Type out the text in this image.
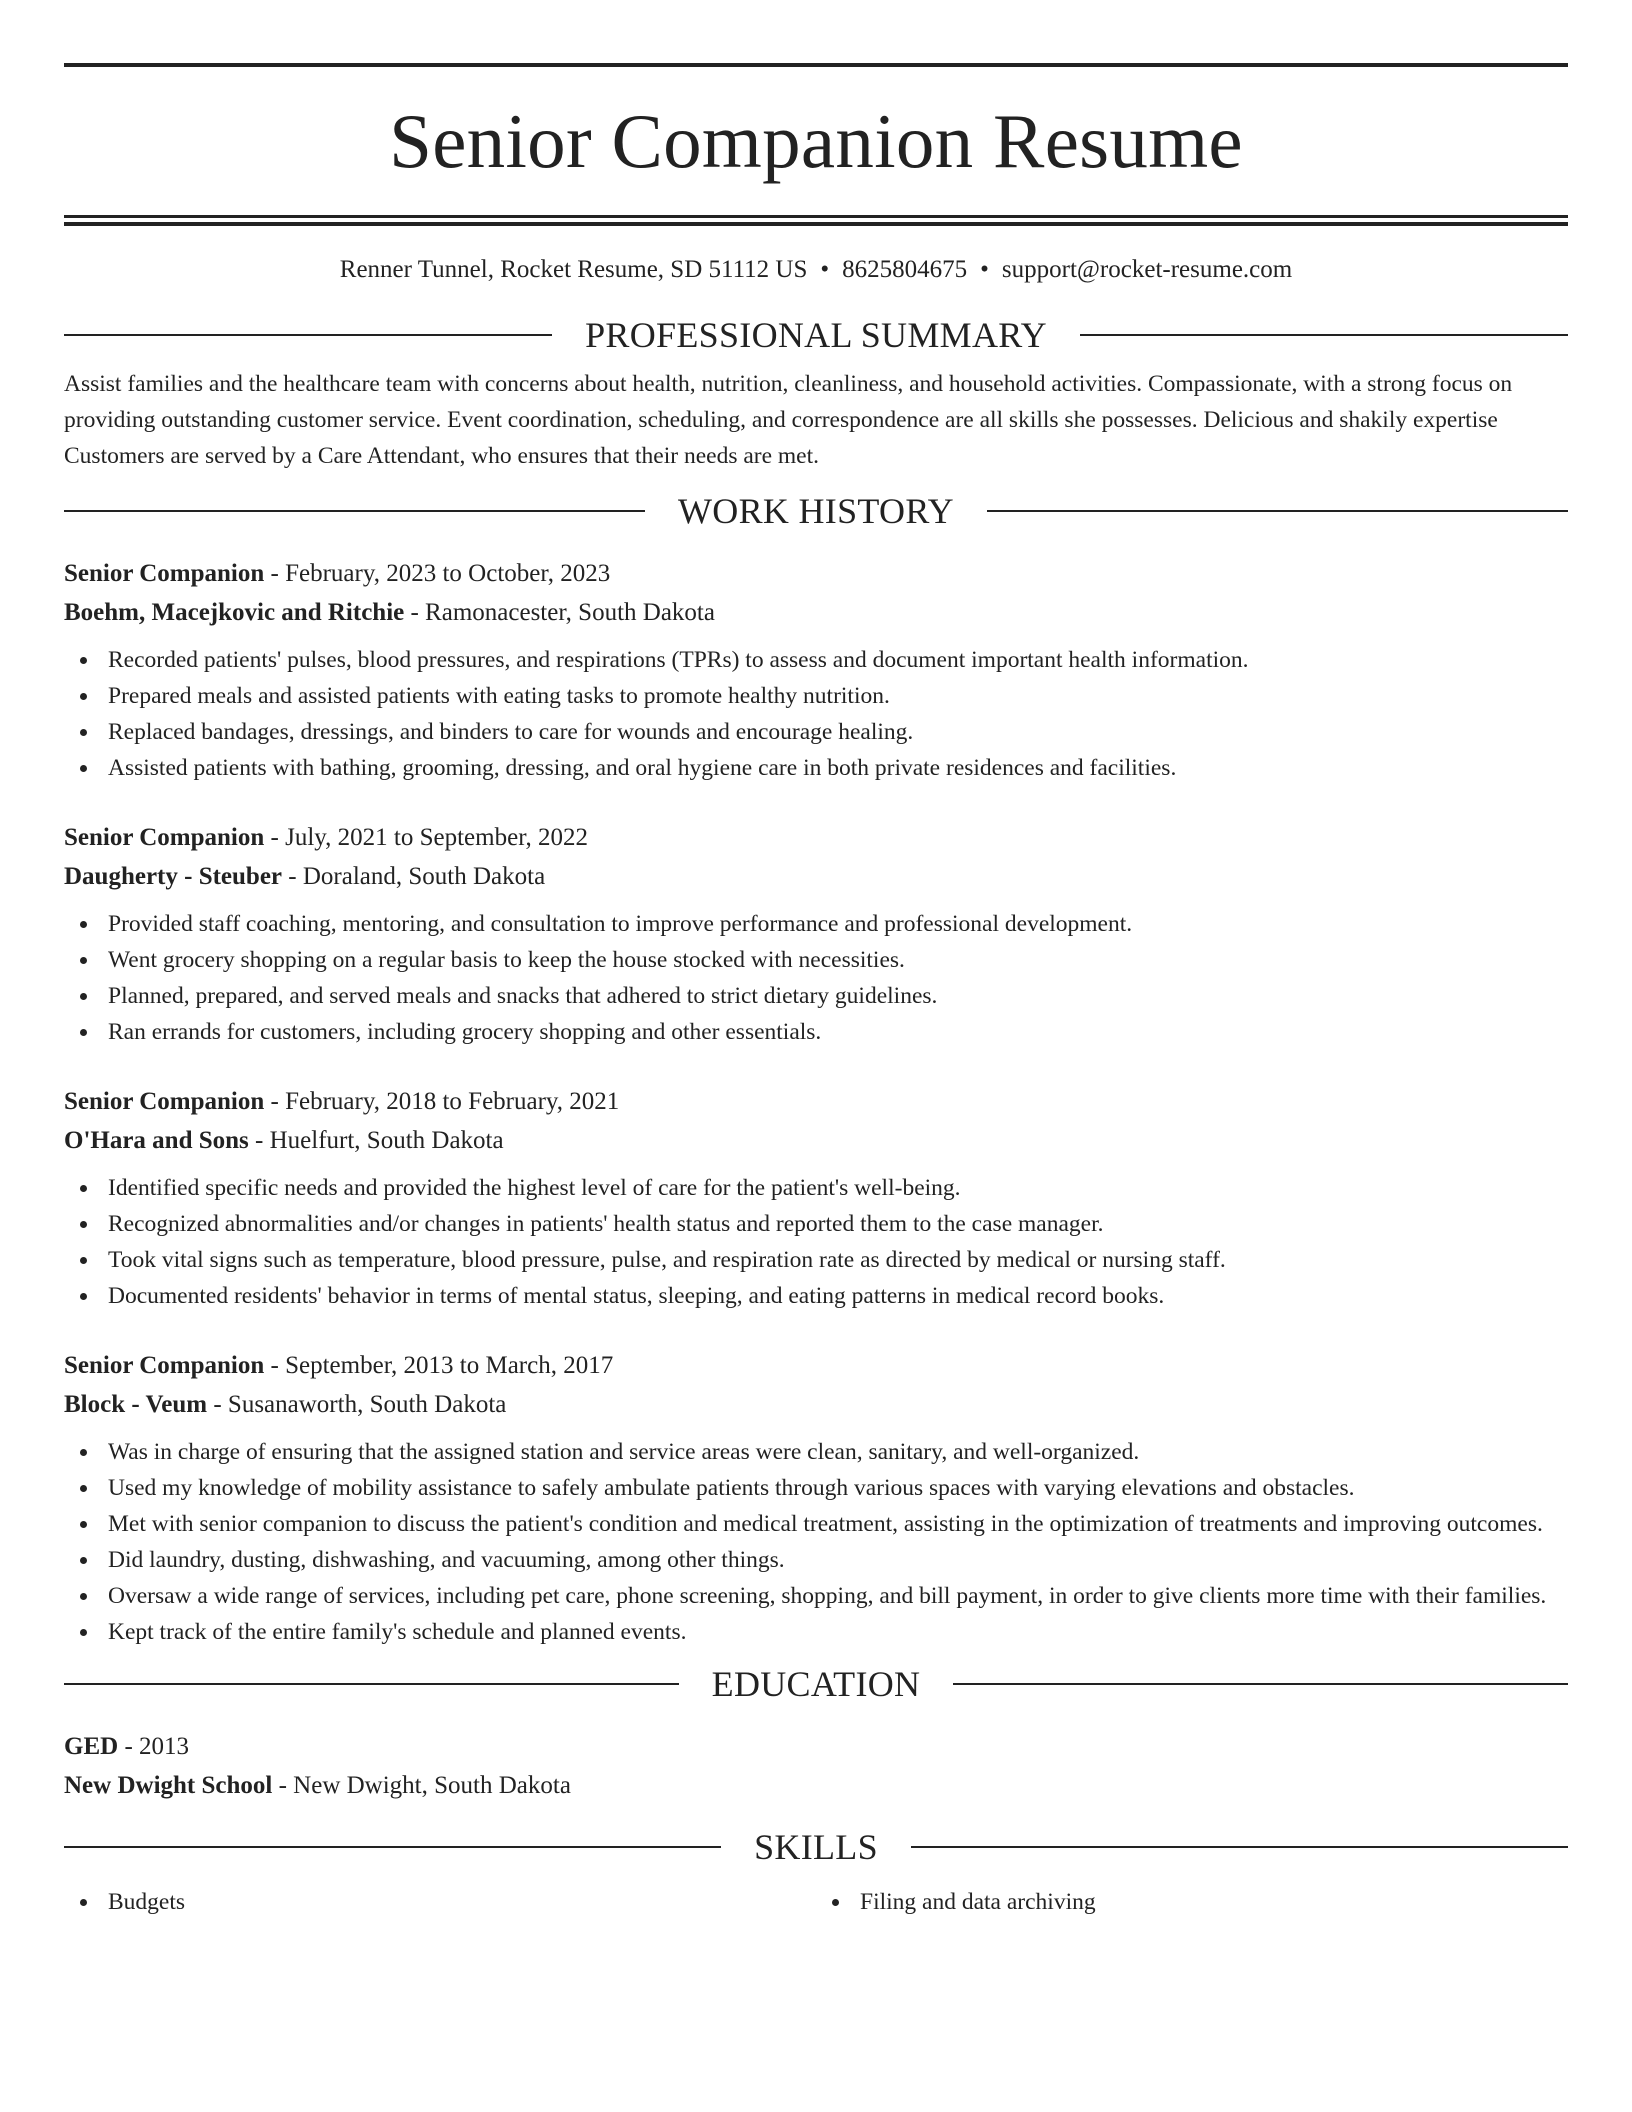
Senior Companion Resume
Renner Tunnel, Rocket Resume, SD 51112 US • 8625804675 • support@rocket-resume.com
PROFESSIONAL SUMMARY

Assist families and the healthcare team with concerns about health, nutrition, cleanliness, and household activities. Compassionate, with a strong focus on providing outstanding customer service. Event coordination, scheduling, and correspondence are all skills she possesses. Delicious and shakily expertise Customers are served by a Care Attendant, who ensures that their needs are met.

WORK HISTORY
Senior Companion - February, 2023 to October, 2023
Boehm, Macejkovic and Ritchie - Ramonacester, South Dakota
Recorded patients' pulses, blood pressures, and respirations (TPRs) to assess and document important health information.
Prepared meals and assisted patients with eating tasks to promote healthy nutrition.
Replaced bandages, dressings, and binders to care for wounds and encourage healing.
Assisted patients with bathing, grooming, dressing, and oral hygiene care in both private residences and facilities.
Senior Companion - July, 2021 to September, 2022
Daugherty - Steuber - Doraland, South Dakota
Provided staff coaching, mentoring, and consultation to improve performance and professional development.
Went grocery shopping on a regular basis to keep the house stocked with necessities.
Planned, prepared, and served meals and snacks that adhered to strict dietary guidelines.
Ran errands for customers, including grocery shopping and other essentials.
Senior Companion - February, 2018 to February, 2021
O'Hara and Sons - Huelfurt, South Dakota
Identified specific needs and provided the highest level of care for the patient's well-being.
Recognized abnormalities and/or changes in patients' health status and reported them to the case manager.
Took vital signs such as temperature, blood pressure, pulse, and respiration rate as directed by medical or nursing staff.
Documented residents' behavior in terms of mental status, sleeping, and eating patterns in medical record books.
Senior Companion - September, 2013 to March, 2017
Block - Veum - Susanaworth, South Dakota
Was in charge of ensuring that the assigned station and service areas were clean, sanitary, and well-organized.
Used my knowledge of mobility assistance to safely ambulate patients through various spaces with varying elevations and obstacles.
Met with senior companion to discuss the patient's condition and medical treatment, assisting in the optimization of treatments and improving outcomes.
Did laundry, dusting, dishwashing, and vacuuming, among other things.
Oversaw a wide range of services, including pet care, phone screening, shopping, and bill payment, in order to give clients more time with their families.
Kept track of the entire family's schedule and planned events.
EDUCATION
GED - 2013
New Dwight School - New Dwight, South Dakota
SKILLS
Budgets	Filing and data archiving
